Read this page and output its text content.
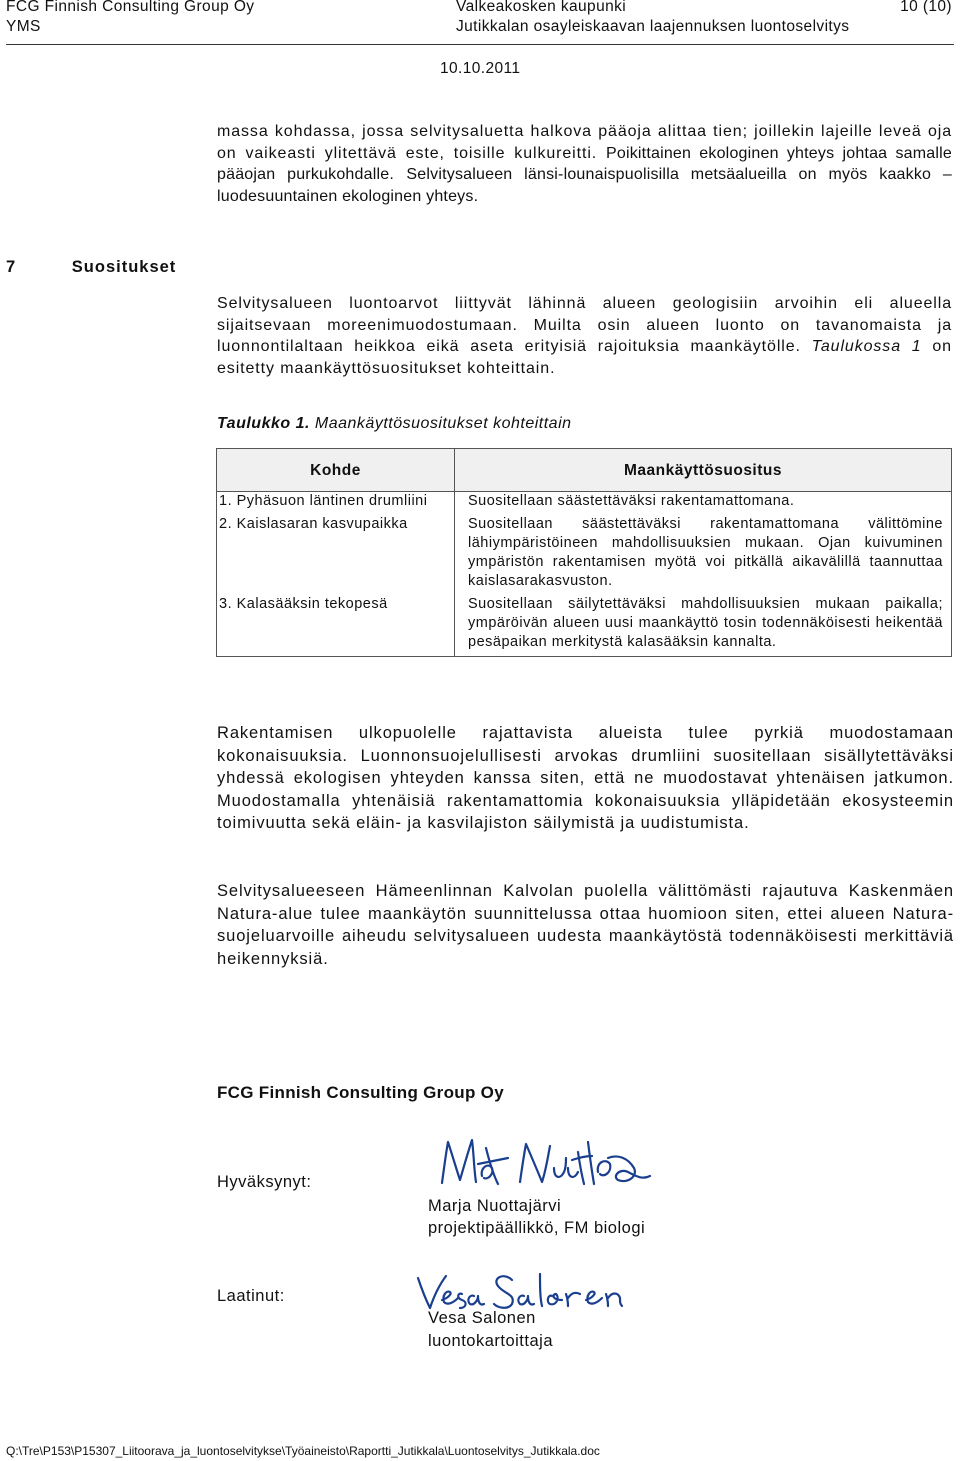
FCG Finnish Consulting Group Oy
YMS
Valkeakosken kaupunki
Jutikkalan osayleiskaavan laajennuksen luontoselvitys
10 (10)
10.10.2011

massa kohdassa, jossa selvitysaluetta halkova pääoja alittaa tien; joillekin lajeille leveä oja on vaikeasti ylitettävä este, toisille kulkureitti. Poikittainen ekologinen yhteys johtaa samalle pääojan purkukohdalle. Selvitysalueen länsi-lounaispuolisilla metsäalueilla on myös kaakko – luodesuuntainen ekologinen yhteys.

7	Suositukset

Selvitysalueen luontoarvot liittyvät lähinnä alueen geologisiin arvoihin eli alueella sijaitsevaan moreenimuodostumaan. Muilta osin alueen luonto on tavanomaista ja luonnontilaltaan heikkoa eikä aseta erityisiä rajoituksia maankäytölle. Taulukossa 1 on esitetty maankäyttösuositukset kohteittain.

Taulukko 1. Maankäyttösuositukset kohteittain
Kohde	Maankäyttösuositus
1. Pyhäsuon läntinen drumliini	Suositellaan säästettäväksi rakentamattomana.
2. Kaislasaran kasvupaikka	Suositellaan säästettäväksi rakentamattomana välittömine lähiympäristöineen mahdollisuuksien mukaan. Ojan kuivuminen ympäristön rakentamisen myötä voi pitkällä aikavälillä taannuttaa kaislasarakasvuston.
3. Kalasääksin tekopesä	Suositellaan säilytettäväksi mahdollisuuksien mukaan paikalla; ympäröivän alueen uusi maankäyttö tosin todennäköisesti heikentää pesäpaikan merkitystä kalasääksin kannalta.

Rakentamisen ulkopuolelle rajattavista alueista tulee pyrkiä muodostamaan kokonaisuuksia. Luonnonsuojelullisesti arvokas drumliini suositellaan sisällytettäväksi yhdessä ekologisen yhteyden kanssa siten, että ne muodostavat yhtenäisen jatkumon. Muodostamalla yhtenäisiä rakentamattomia kokonaisuuksia ylläpidetään ekosysteemin toimivuutta sekä eläin- ja kasvilajiston säilymistä ja uudistumista.

Selvitysalueeseen Hämeenlinnan Kalvolan puolella välittömästi rajautuva Kaskenmäen Natura-alue tulee maankäytön suunnittelussa ottaa huomioon siten, ettei alueen Natura-suojeluarvoille aiheudu selvitysalueen uudesta maankäytöstä todennäköisesti merkittäviä heikennyksiä.

FCG Finnish Consulting Group Oy
Hyväksynyt:
Marja Nuottajärvi
projektipäällikkö, FM biologi
Laatinut:
Vesa Salonen
luontokartoittaja
Q:\Tre\P153\P15307_Liitoorava_ja_luontoselvitykse\Työaineisto\Raportti_Jutikkala\Luontoselvitys_Jutikkala.doc
